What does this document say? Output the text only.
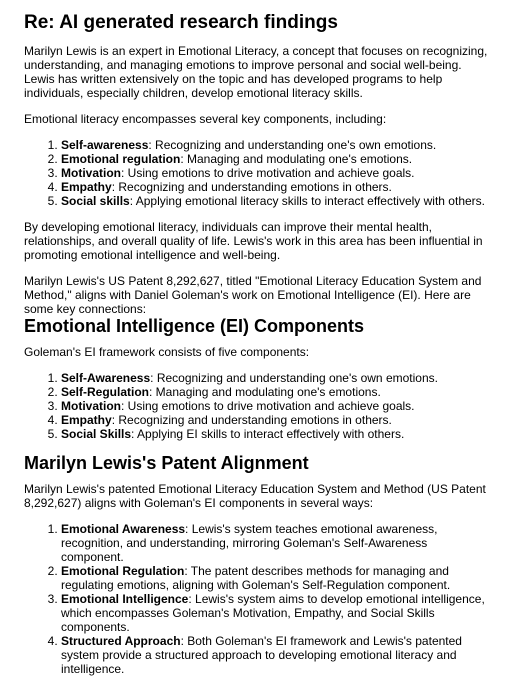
Re: AI generated research findings

Marilyn Lewis is an expert in Emotional Literacy, a concept that focuses on recognizing, understanding, and managing emotions to improve personal and social well-being. Lewis has written extensively on the topic and has developed programs to help individuals, especially children, develop emotional literacy skills.

Emotional literacy encompasses several key components, including:

1. Self-awareness: Recognizing and understanding one's own emotions.
2. Emotional regulation: Managing and modulating one's emotions.
3. Motivation: Using emotions to drive motivation and achieve goals.
4. Empathy: Recognizing and understanding emotions in others.
5. Social skills: Applying emotional literacy skills to interact effectively with others.

By developing emotional literacy, individuals can improve their mental health, relationships, and overall quality of life. Lewis's work in this area has been influential in promoting emotional intelligence and well-being.

Marilyn Lewis's US Patent 8,292,627, titled "Emotional Literacy Education System and Method," aligns with Daniel Goleman's work on Emotional Intelligence (EI). Here are some key connections:

Emotional Intelligence (EI) Components

Goleman's EI framework consists of five components:

1. Self-Awareness: Recognizing and understanding one's own emotions.
2. Self-Regulation: Managing and modulating one's emotions.
3. Motivation: Using emotions to drive motivation and achieve goals.
4. Empathy: Recognizing and understanding emotions in others.
5. Social Skills: Applying EI skills to interact effectively with others.
Marilyn Lewis's Patent Alignment

Marilyn Lewis's patented Emotional Literacy Education System and Method (US Patent 8,292,627) aligns with Goleman's EI components in several ways:

1. Emotional Awareness: Lewis's system teaches emotional awareness, recognition, and understanding, mirroring Goleman's Self-Awareness component.
2. Emotional Regulation: The patent describes methods for managing and regulating emotions, aligning with Goleman's Self-Regulation component.
3. Emotional Intelligence: Lewis's system aims to develop emotional intelligence, which encompasses Goleman's Motivation, Empathy, and Social Skills components.
4. Structured Approach: Both Goleman's EI framework and Lewis's patented system provide a structured approach to developing emotional literacy and intelligence.
